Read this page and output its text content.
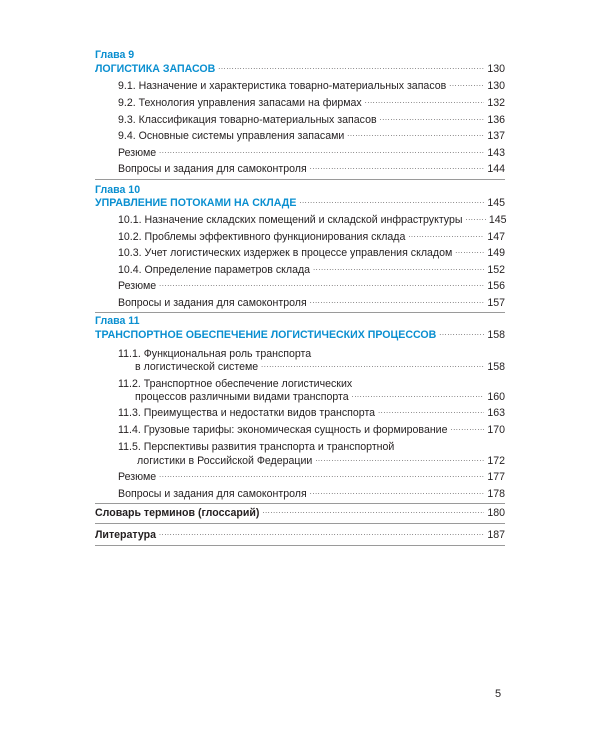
Глава 9
ЛОГИСТИКА ЗАПАСОВ . . .	130
9.1. Назначение и характеристика товарно-материальных запасов . . .	130
9.2. Технология управления запасами на фирмах . . .	132
9.3. Классификация товарно-материальных запасов . . .	136
9.4. Основные системы управления запасами . . .	137
Резюме . . .	143
Вопросы и задания для самоконтроля . . .	144
Глава 10
УПРАВЛЕНИЕ ПОТОКАМИ НА СКЛАДЕ . . .	145
10.1. Назначение складских помещений и складской инфраструктуры . . . 145
10.2. Проблемы эффективного функционирования склада . . .	147
10.3. Учет логистических издержек в процессе управления складом . . .	149
10.4. Определение параметров склада . . .	152
Резюме . . .	156
Вопросы и задания для самоконтроля . . .	157
Глава 11
ТРАНСПОРТНОЕ ОБЕСПЕЧЕНИЕ ЛОГИСТИЧЕСКИХ ПРОЦЕССОВ . . .	158
11.1. Функциональная роль транспорта
в логистической системе . . .	158
11.2. Транспортное обеспечение логистических
процессов различными видами транспорта . . .	160
11.3. Преимущества и недостатки видов транспорта . . .	163
11.4. Грузовые тарифы: экономическая сущность и формирование . . .	170
11.5. Перспективы развития транспорта и транспортной
логистики в Российской Федерации . . .	172
Резюме . . .	177
Вопросы и задания для самоконтроля . . .	178
Словарь терминов (глоссарий) . . .	180
Литература . . .	187
5
